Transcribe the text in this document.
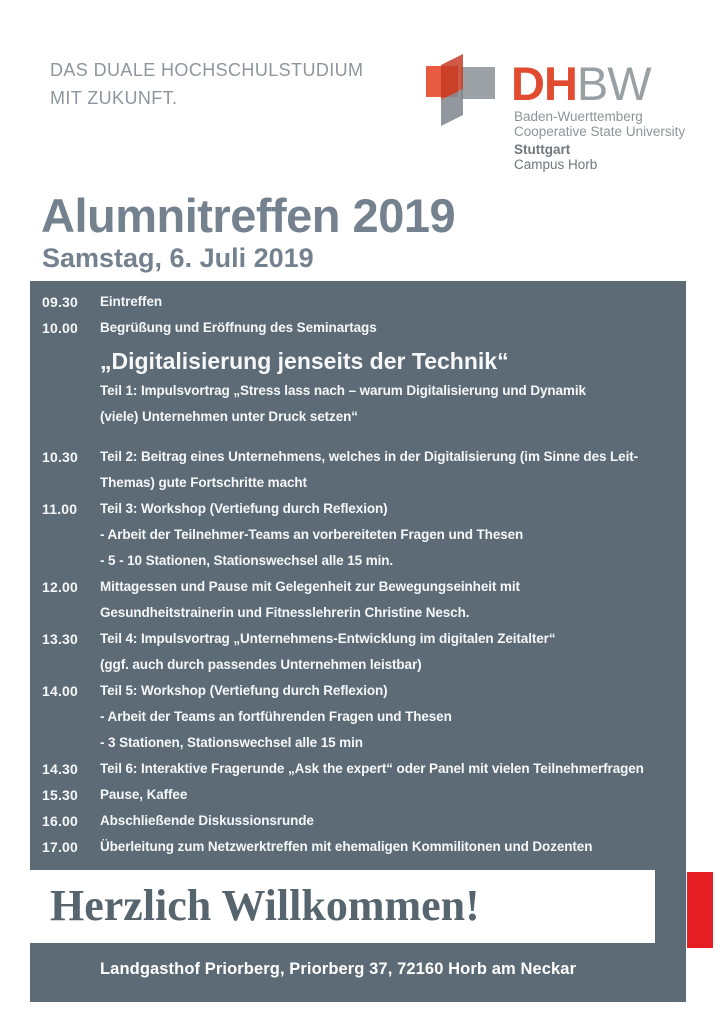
DAS DUALE HOCHSCHULSTUDIUM
MIT ZUKUNFT.	DHBW
Baden-Wuerttemberg
Cooperative State University
Stuttgart
Campus Horb
Alumnitreffen 2019
Samstag, 6. Juli 2019
09.30	Eintreffen
10.00	Begrüßung und Eröffnung des Seminartags
„Digitalisierung jenseits der Technik“
Teil 1: Impulsvortrag „Stress lass nach – warum Digitalisierung und Dynamik
(viele) Unternehmen unter Druck setzen“
10.30	Teil 2: Beitrag eines Unternehmens, welches in der Digitalisierung (im Sinne des Leit-
Themas) gute Fortschritte macht
11.00	Teil 3: Workshop (Vertiefung durch Reflexion)
- Arbeit der Teilnehmer-Teams an vorbereiteten Fragen und Thesen
- 5 - 10 Stationen, Stationswechsel alle 15 min.
12.00	Mittagessen und Pause mit Gelegenheit zur Bewegungseinheit mit
Gesundheitstrainerin und Fitnesslehrerin Christine Nesch.
13.30	Teil 4: Impulsvortrag „Unternehmens-Entwicklung im digitalen Zeitalter“
(ggf. auch durch passendes Unternehmen leistbar)
14.00	Teil 5: Workshop (Vertiefung durch Reflexion)
- Arbeit der Teams an fortführenden Fragen und Thesen
- 3 Stationen, Stationswechsel alle 15 min
14.30	Teil 6: Interaktive Fragerunde „Ask the expert“ oder Panel mit vielen Teilnehmerfragen
15.30	Pause, Kaffee
16.00	Abschließende Diskussionsrunde
17.00	Überleitung zum Netzwerktreffen mit ehemaligen Kommilitonen und Dozenten
Herzlich Willkommen!
Landgasthof Priorberg, Priorberg 37, 72160 Horb am Neckar
